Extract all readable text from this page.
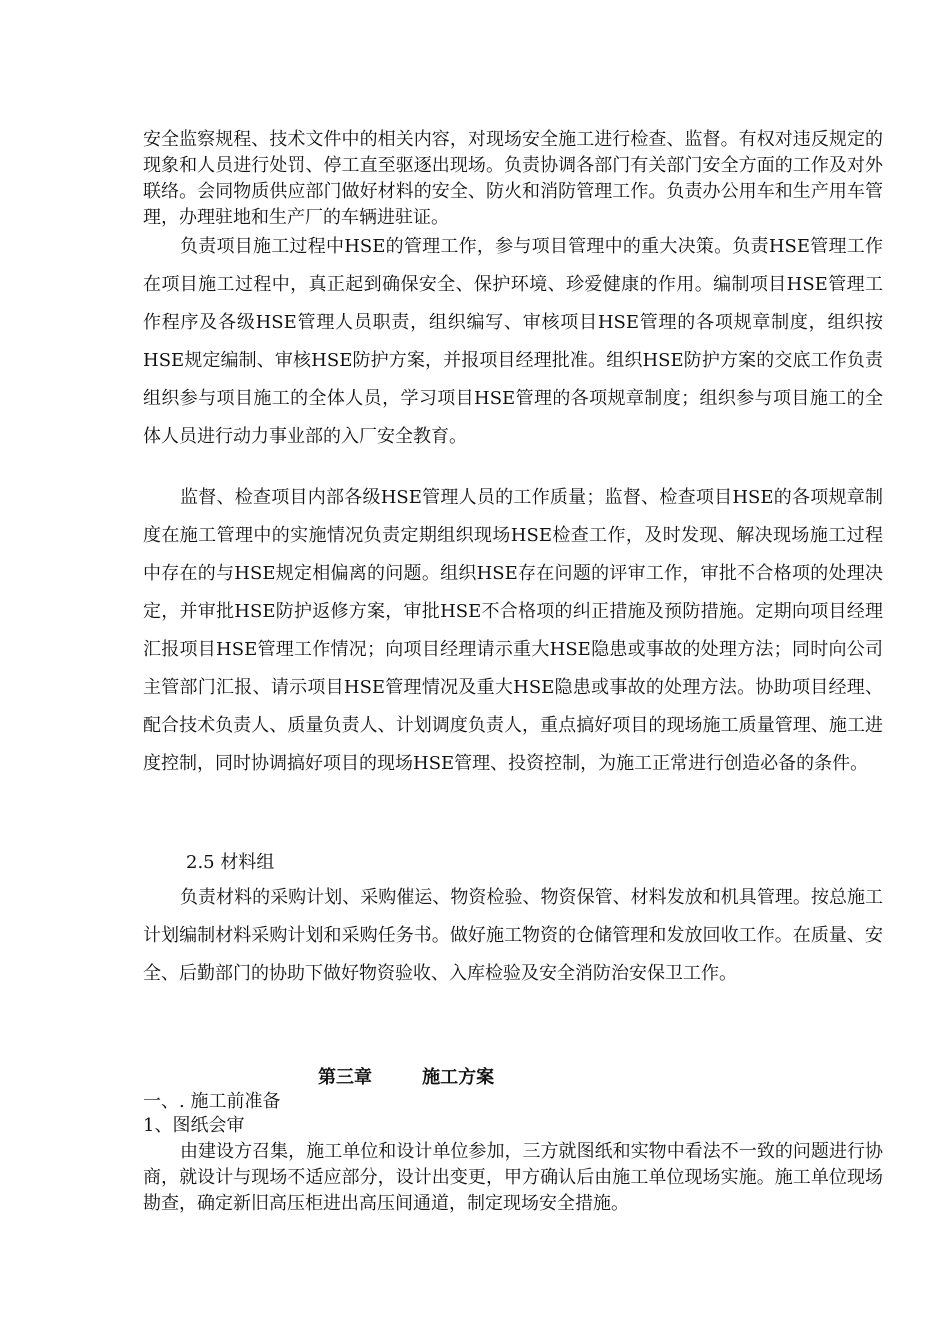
安全监察规程、技术文件中的相关内容，对现场安全施工进行检查、监督。有权对违反规定的现象和人员进行处罚、停工直至驱逐出现场。负责协调各部门有关部门安全方面的工作及对外联络。会同物质供应部门做好材料的安全、防火和消防管理工作。负责办公用车和生产用车管理，办理驻地和生产厂的车辆进驻证。

负责项目施工过程中HSE的管理工作，参与项目管理中的重大决策。负责HSE管理工作在项目施工过程中，真正起到确保安全、保护环境、珍爱健康的作用。编制项目HSE管理工作程序及各级HSE管理人员职责，组织编写、审核项目HSE管理的各项规章制度，组织按HSE规定编制、审核HSE防护方案，并报项目经理批准。组织HSE防护方案的交底工作负责组织参与项目施工的全体人员，学习项目HSE管理的各项规章制度；组织参与项目施工的全体人员进行动力事业部的入厂安全教育。

监督、检查项目内部各级HSE管理人员的工作质量；监督、检查项目HSE的各项规章制度在施工管理中的实施情况负责定期组织现场HSE检查工作，及时发现、解决现场施工过程中存在的与HSE规定相偏离的问题。组织HSE存在问题的评审工作，审批不合格项的处理决定，并审批HSE防护返修方案，审批HSE不合格项的纠正措施及预防措施。定期向项目经理汇报项目HSE管理工作情况；向项目经理请示重大HSE隐患或事故的处理方法；同时向公司主管部门汇报、请示项目HSE管理情况及重大HSE隐患或事故的处理方法。协助项目经理、配合技术负责人、质量负责人、计划调度负责人，重点搞好项目的现场施工质量管理、施工进度控制，同时协调搞好项目的现场HSE管理、投资控制，为施工正常进行创造必备的条件。

2.5 材料组

负责材料的采购计划、采购催运、物资检验、物资保管、材料发放和机具管理。按总施工计划编制材料采购计划和采购任务书。做好施工物资的仓储管理和发放回收工作。在质量、安全、后勤部门的协助下做好物资验收、入库检验及安全消防治安保卫工作。

第三章        施工方案

一、. 施工前准备

1、图纸会审

由建设方召集，施工单位和设计单位参加，三方就图纸和实物中看法不一致的问题进行协商，就设计与现场不适应部分，设计出变更，甲方确认后由施工单位现场实施。施工单位现场勘查，确定新旧高压柜进出高压间通道，制定现场安全措施。
